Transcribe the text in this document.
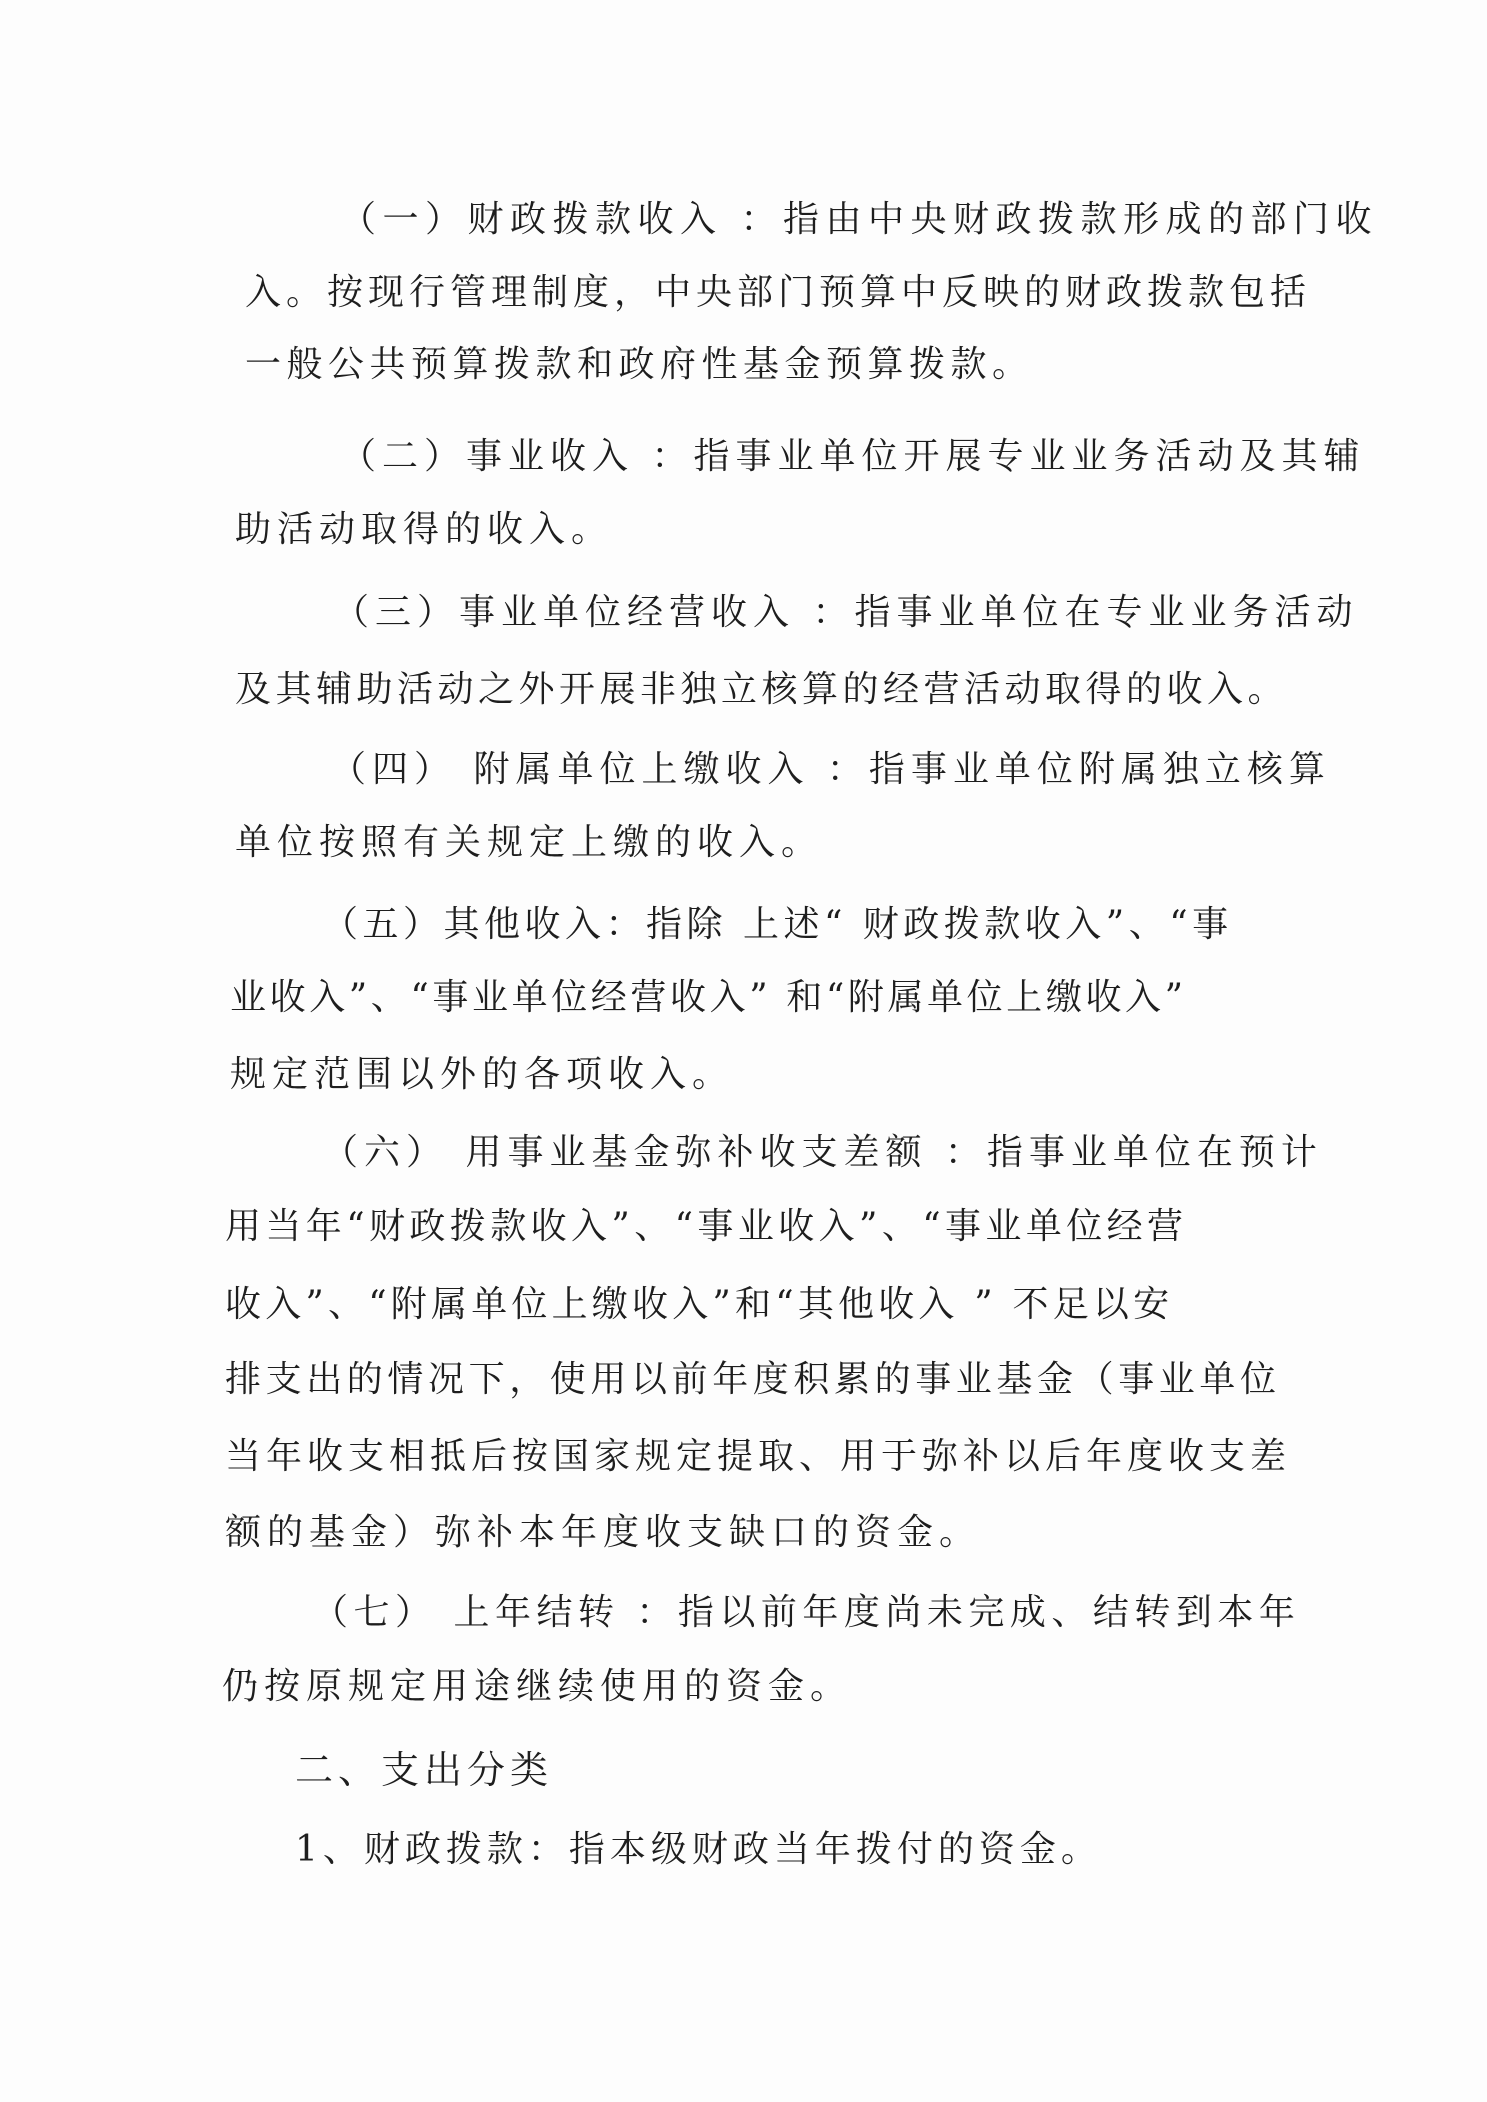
（一）财政拨款收入 ：指由中央财政拨款形成的部门收
入。按现行管理制度，中央部门预算中反映的财政拨款包括
一般公共预算拨款和政府性基金预算拨款。
（二）事业收入 ：指事业单位开展专业业务活动及其辅
助活动取得的收入。
（三）事业单位经营收入 ：指事业单位在专业业务活动
及其辅助活动之外开展非独立核算的经营活动取得的收入。
（四） 附属单位上缴收入 ：指事业单位附属独立核算
单位按照有关规定上缴的收入。
（五）其他收入：指除 上述“ 财政拨款收入”、“事
业收入”、“事业单位经营收入” 和“附属单位上缴收入”
规定范围以外的各项收入。
（六） 用事业基金弥补收支差额 ：指事业单位在预计
用当年“财政拨款收入”、“事业收入”、“事业单位经营
收入”、“附属单位上缴收入”和“其他收入 ” 不足以安
排支出的情况下，使用以前年度积累的事业基金（事业单位
当年收支相抵后按国家规定提取、用于弥补以后年度收支差
额的基金）弥补本年度收支缺口的资金。
（七） 上年结转 ：指以前年度尚未完成、结转到本年
仍按原规定用途继续使用的资金。
二、支出分类
1、财政拨款：指本级财政当年拨付的资金。
